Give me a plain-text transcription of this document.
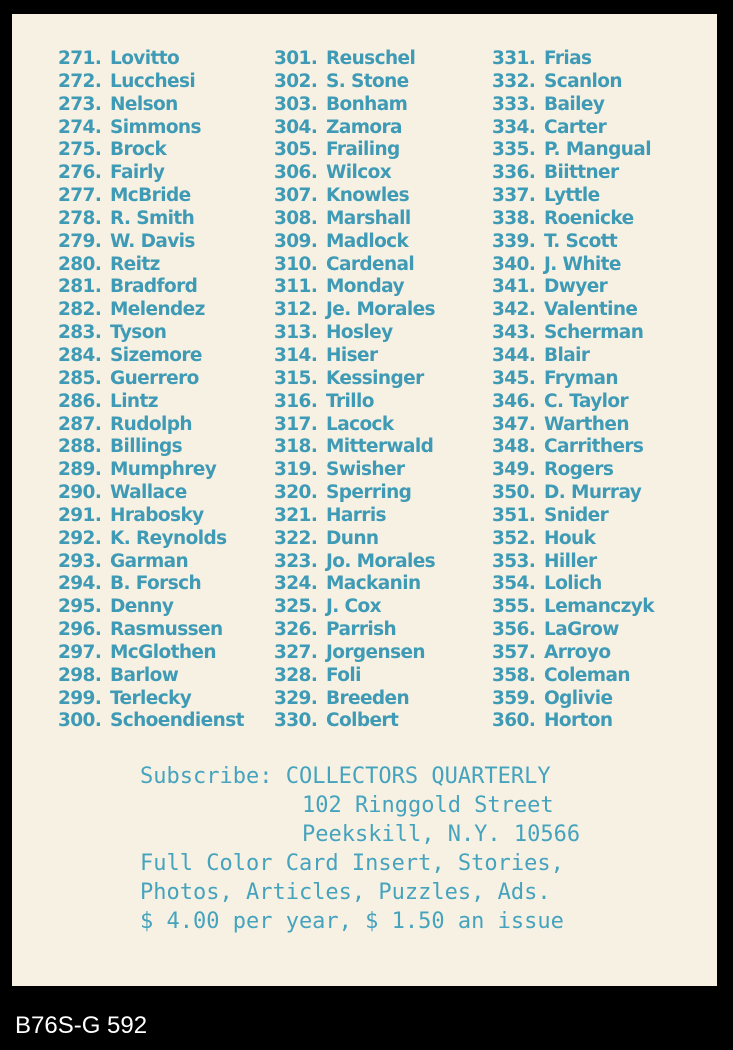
271. Lovitto
272. Lucchesi
273. Nelson
274. Simmons
275. Brock
276. Fairly
277. McBride
278. R. Smith
279. W. Davis
280. Reitz
281. Bradford
282. Melendez
283. Tyson
284. Sizemore
285. Guerrero
286. Lintz
287. Rudolph
288. Billings
289. Mumphrey
290. Wallace
291. Hrabosky
292. K. Reynolds
293. Garman
294. B. Forsch
295. Denny
296. Rasmussen
297. McGlothen
298. Barlow
299. Terlecky
300. Schoendienst
301. Reuschel
302. S. Stone
303. Bonham
304. Zamora
305. Frailing
306. Wilcox
307. Knowles
308. Marshall
309. Madlock
310. Cardenal
311. Monday
312. Je. Morales
313. Hosley
314. Hiser
315. Kessinger
316. Trillo
317. Lacock
318. Mitterwald
319. Swisher
320. Sperring
321. Harris
322. Dunn
323. Jo. Morales
324. Mackanin
325. J. Cox
326. Parrish
327. Jorgensen
328. Foli
329. Breeden
330. Colbert
331. Frias
332. Scanlon
333. Bailey
334. Carter
335. P. Mangual
336. Biittner
337. Lyttle
338. Roenicke
339. T. Scott
340. J. White
341. Dwyer
342. Valentine
343. Scherman
344. Blair
345. Fryman
346. C. Taylor
347. Warthen
348. Carrithers
349. Rogers
350. D. Murray
351. Snider
352. Houk
353. Hiller
354. Lolich
355. Lemanczyk
356. LaGrow
357. Arroyo
358. Coleman
359. Oglivie
360. Horton
Subscribe: COLLECTORS QUARTERLY
102 Ringgold Street
Peekskill, N.Y. 10566
Full Color Card Insert, Stories,
Photos, Articles, Puzzles, Ads.
$ 4.00 per year, $ 1.50 an issue
B76S-G 592
